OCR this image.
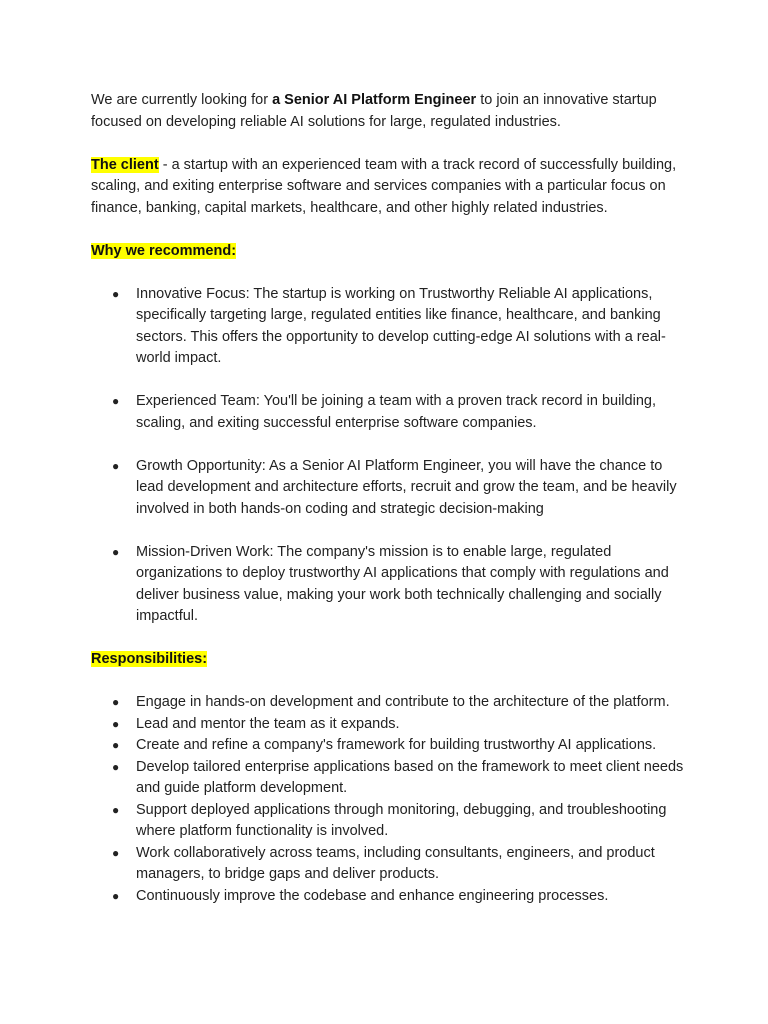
We are currently looking for a Senior AI Platform Engineer to join an innovative startup focused on developing reliable AI solutions for large, regulated industries.

The client - a startup with an experienced team with a track record of successfully building, scaling, and exiting enterprise software and services companies with a particular focus on finance, banking, capital markets, healthcare, and other highly related industries.

Why we recommend:

● Innovative Focus: The startup is working on Trustworthy Reliable AI applications, specifically targeting large, regulated entities like finance, healthcare, and banking sectors. This offers the opportunity to develop cutting-edge AI solutions with a real-world impact.
● Experienced Team: You'll be joining a team with a proven track record in building, scaling, and exiting successful enterprise software companies.
● Growth Opportunity: As a Senior AI Platform Engineer, you will have the chance to lead development and architecture efforts, recruit and grow the team, and be heavily involved in both hands-on coding and strategic decision-making
● Mission-Driven Work: The company's mission is to enable large, regulated organizations to deploy trustworthy AI applications that comply with regulations and deliver business value, making your work both technically challenging and socially impactful.

Responsibilities:

● Engage in hands-on development and contribute to the architecture of the platform.
● Lead and mentor the team as it expands.
● Create and refine a company's framework for building trustworthy AI applications.
● Develop tailored enterprise applications based on the framework to meet client needs and guide platform development.
● Support deployed applications through monitoring, debugging, and troubleshooting where platform functionality is involved.
● Work collaboratively across teams, including consultants, engineers, and product managers, to bridge gaps and deliver products.
● Continuously improve the codebase and enhance engineering processes.
